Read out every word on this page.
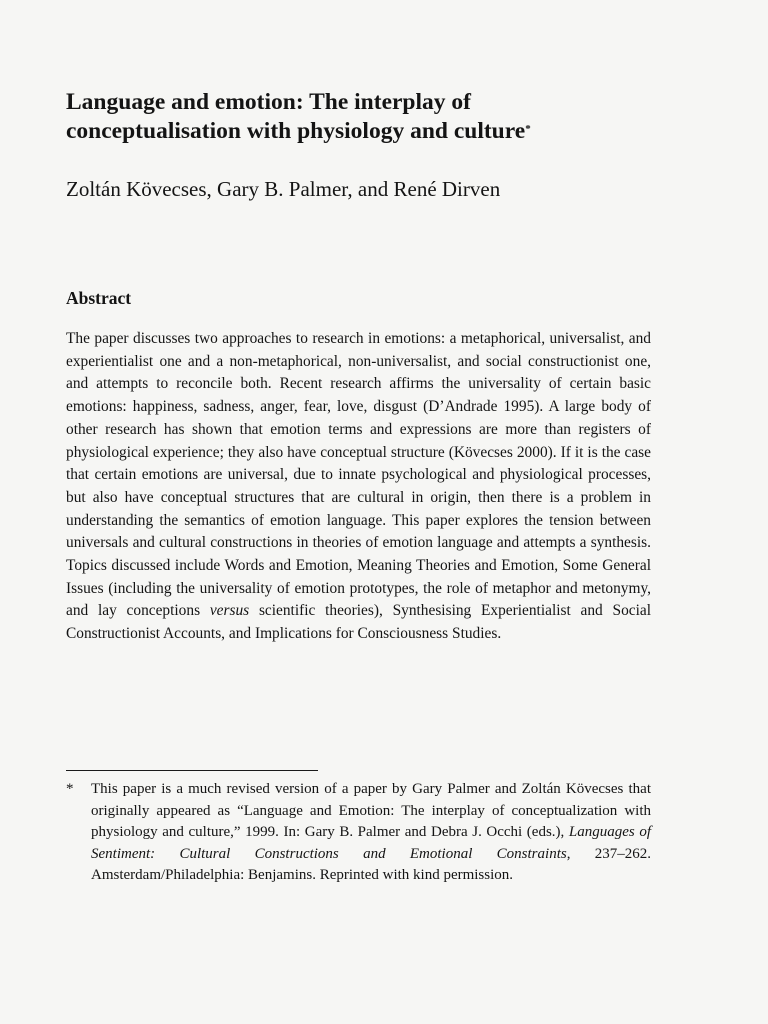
Language and emotion: The interplay of
conceptualisation with physiology and culture*

Zoltán Kövecses, Gary B. Palmer, and René Dirven

Abstract

The paper discusses two approaches to research in emotions: a metaphorical, universalist, and experientialist one and a non-metaphorical, non-universalist, and social constructionist one, and attempts to reconcile both. Recent research affirms the universality of certain basic emotions: happiness, sadness, anger, fear, love, disgust (D’Andrade 1995). A large body of other research has shown that emotion terms and expressions are more than registers of physiological experience; they also have conceptual structure (Kövecses 2000). If it is the case that certain emotions are universal, due to innate psychological and physiological processes, but also have conceptual structures that are cultural in origin, then there is a problem in understanding the semantics of emotion language. This paper explores the tension between universals and cultural constructions in theories of emotion language and attempts a synthesis. Topics discussed include Words and Emotion, Meaning Theories and Emotion, Some General Issues (including the universality of emotion prototypes, the role of metaphor and metonymy, and lay conceptions versus scientific theories), Synthesising Experientialist and Social Constructionist Accounts, and Implications for Consciousness Studies.

*	This paper is a much revised version of a paper by Gary Palmer and Zoltán Kövecses that originally appeared as “Language and Emotion: The interplay of conceptualization with physiology and culture,” 1999. In: Gary B. Palmer and Debra J. Occhi (eds.), Languages of Sentiment: Cultural Constructions and Emotional Constraints, 237–262. Amsterdam/Philadelphia: Benjamins. Reprinted with kind permission.
